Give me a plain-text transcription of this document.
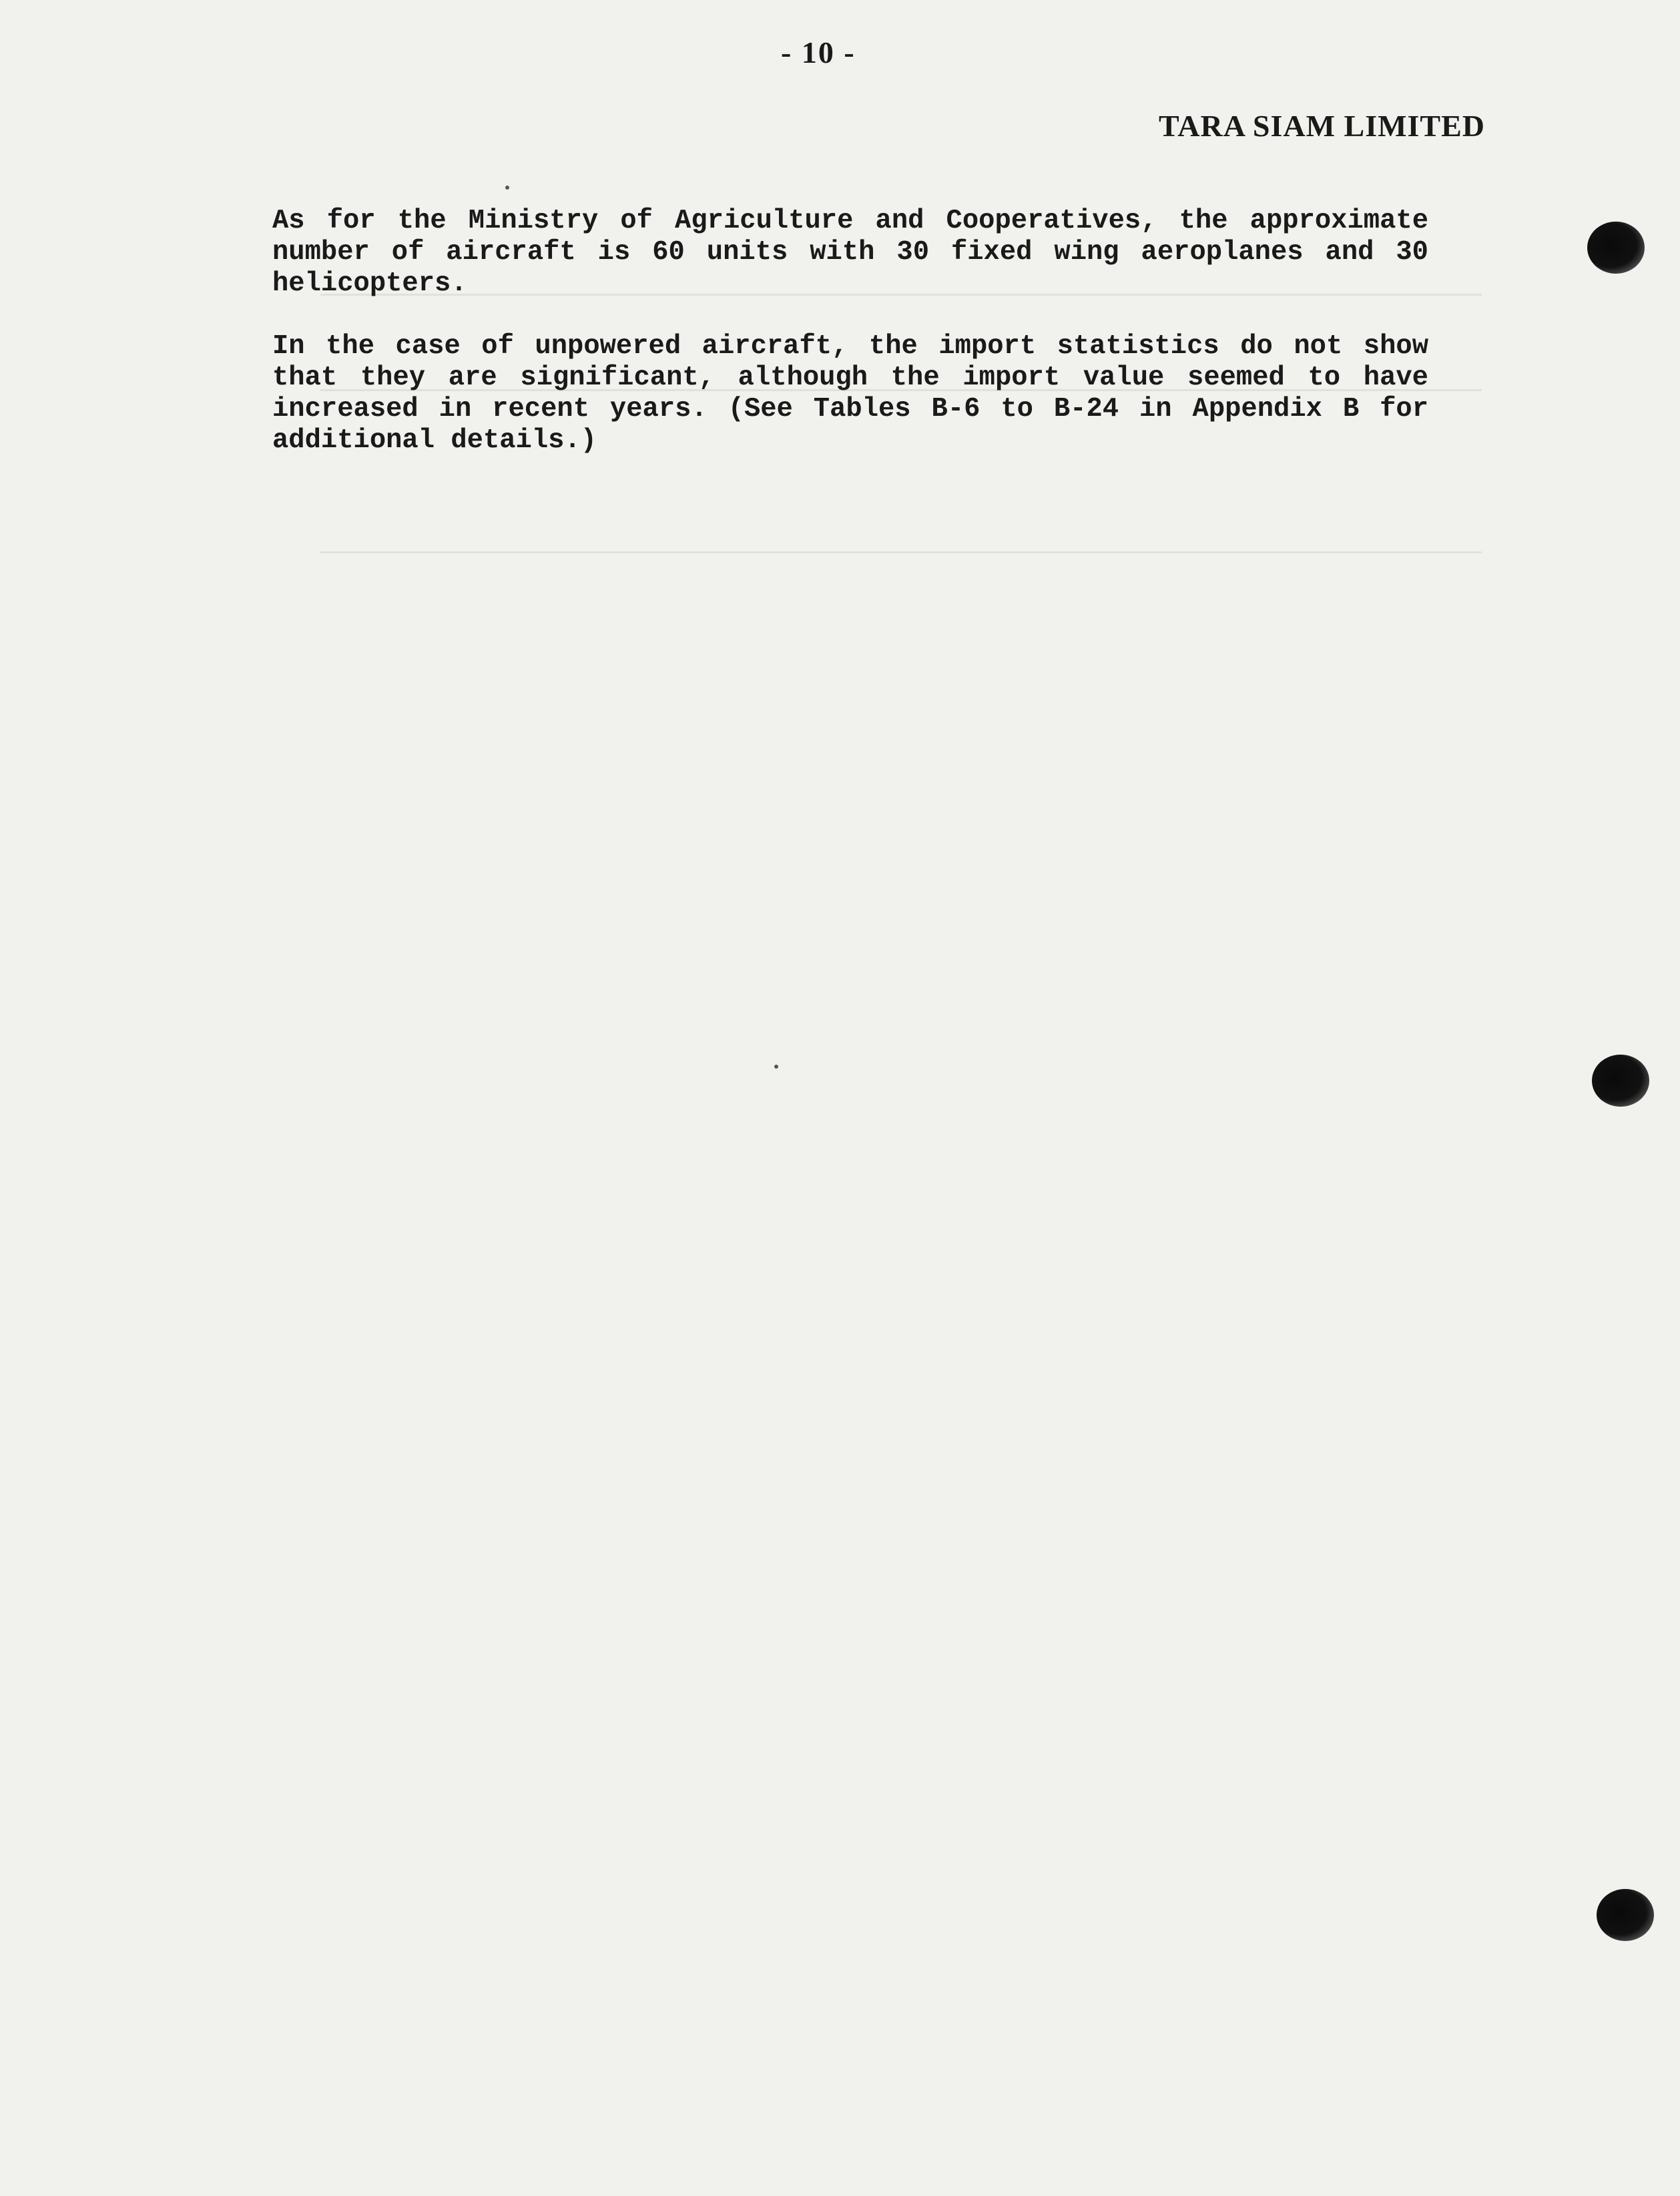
- 10 -
TARA SIAM LIMITED

As for the Ministry of Agriculture and Cooperatives, the approximate number of aircraft is 60 units with 30 fixed wing aeroplanes and 30 helicopters.

In the case of unpowered aircraft, the import statistics do not show that they are significant, although the import value seemed to have increased in recent years. (See Tables B-6 to B-24 in Appendix B for additional details.)
